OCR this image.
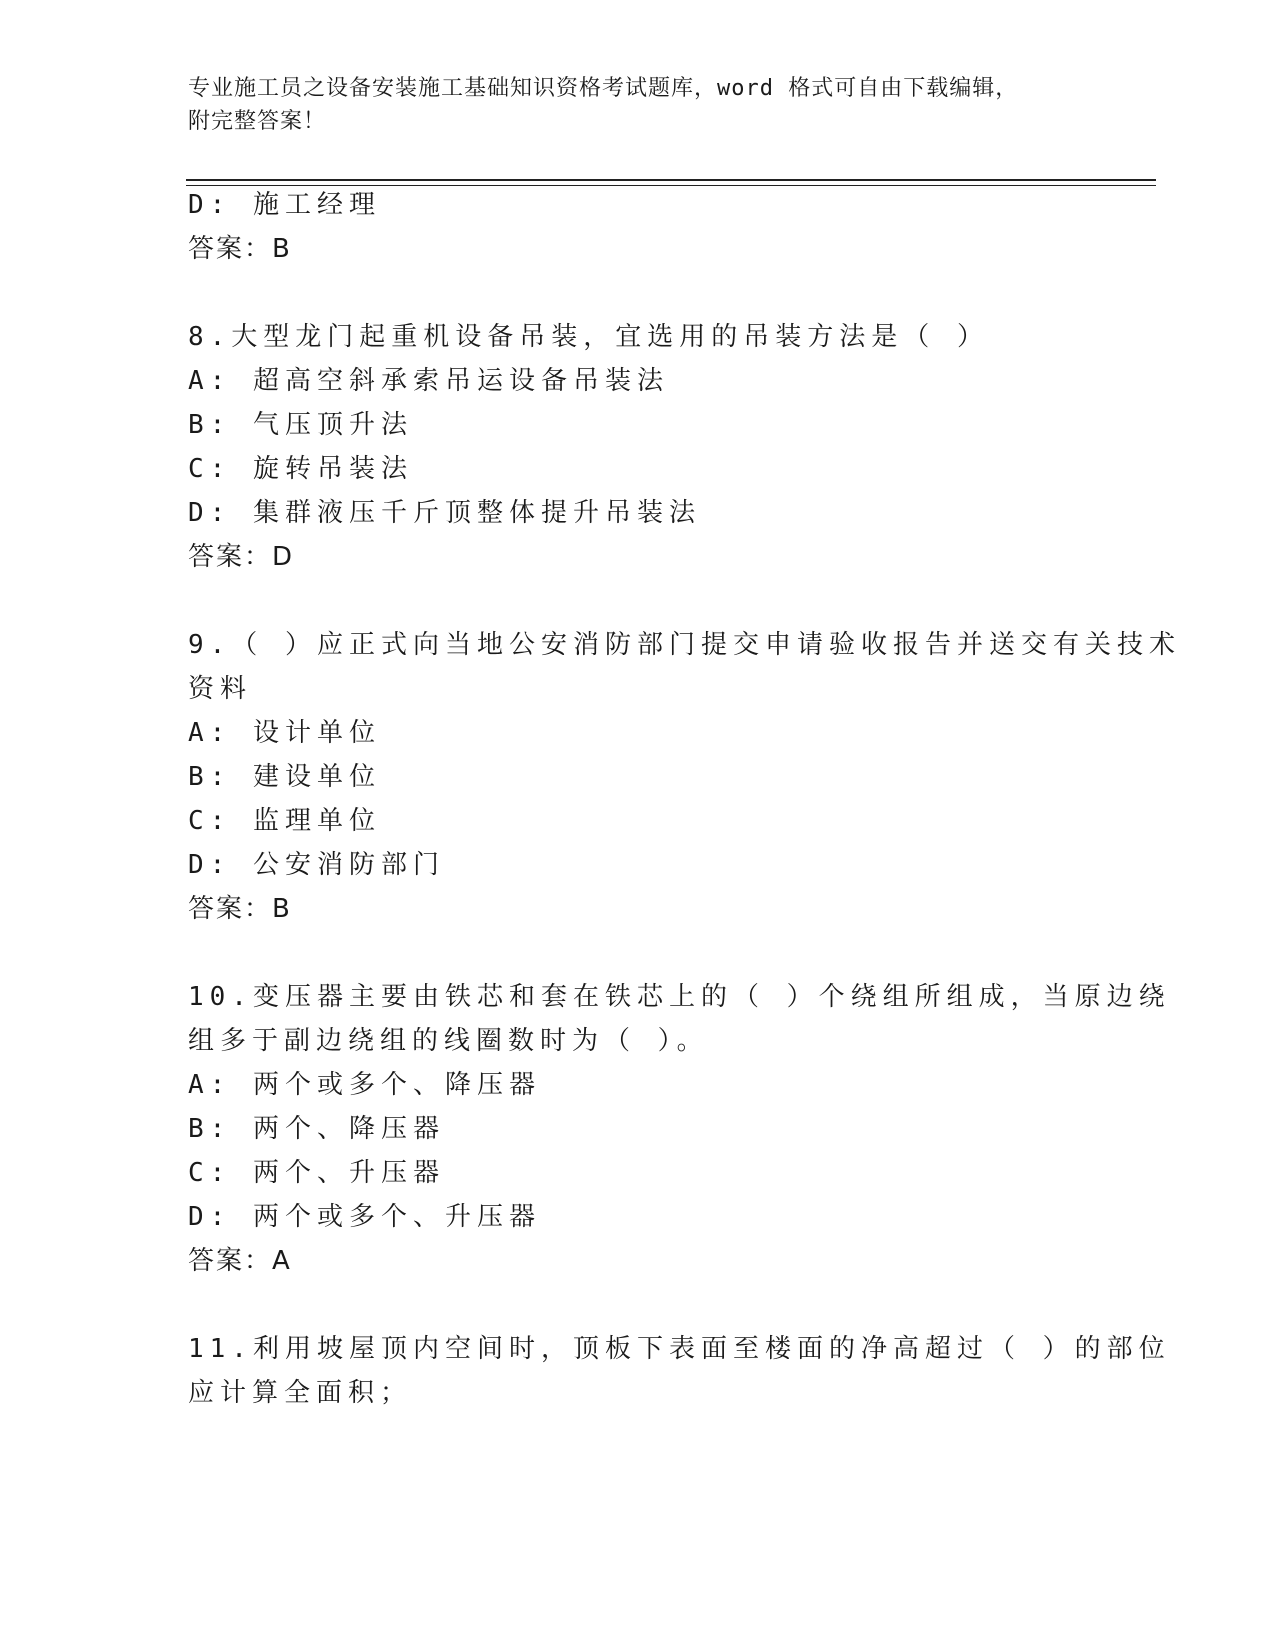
专业施工员之设备安装施工基础知识资格考试题库，word 格式可自由下载编辑，
附完整答案！
D: 施工经理
答案：B
8.大型龙门起重机设备吊装，宜选用的吊装方法是（ ）
A: 超高空斜承索吊运设备吊装法
B: 气压顶升法
C: 旋转吊装法
D: 集群液压千斤顶整体提升吊装法
答案：D
9.（ ）应正式向当地公安消防部门提交申请验收报告并送交有关技术
资料
A: 设计单位
B: 建设单位
C: 监理单位
D: 公安消防部门
答案：B
10.变压器主要由铁芯和套在铁芯上的（ ）个绕组所组成，当原边绕
组多于副边绕组的线圈数时为（ ）。
A: 两个或多个、降压器
B: 两个、降压器
C: 两个、升压器
D: 两个或多个、升压器
答案：A
11.利用坡屋顶内空间时，顶板下表面至楼面的净高超过（ ）的部位
应计算全面积；
